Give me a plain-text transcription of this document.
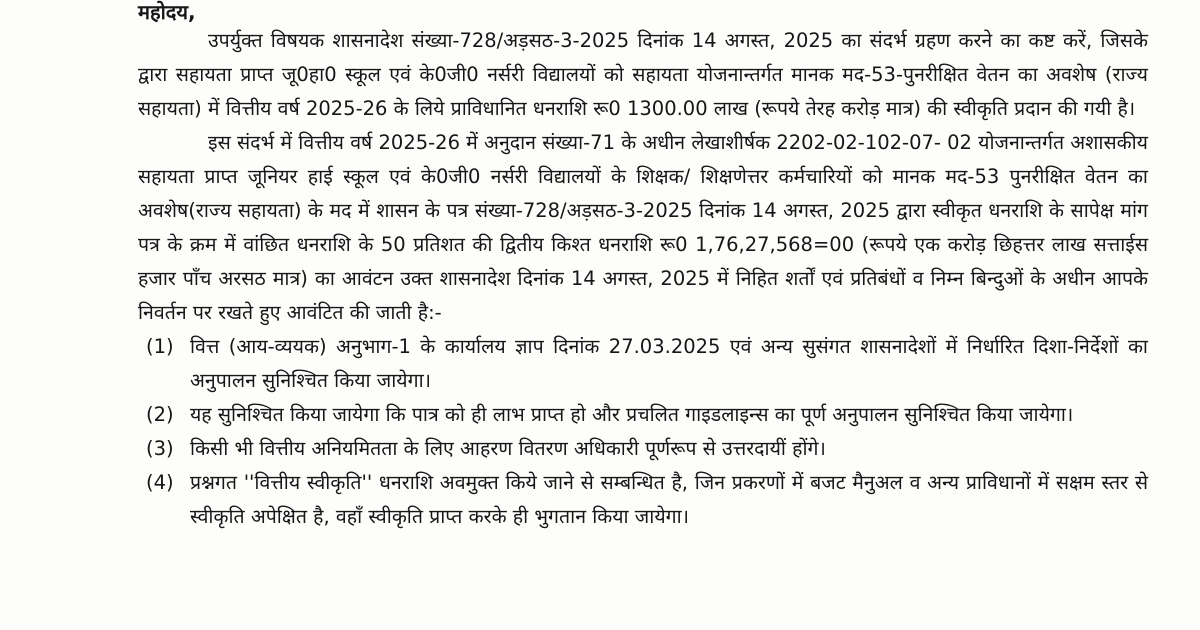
महोदय,

उपर्युक्त विषयक शासनादेश संख्या-728/अड़सठ-3-2025 दिनांक 14 अगस्त, 2025 का संदर्भ ग्रहण करने का कष्ट करें, जिसके द्वारा सहायता प्राप्त जू0हा0 स्कूल एवं के0जी0 नर्सरी विद्यालयों को सहायता योजनान्तर्गत मानक मद-53-पुनरीक्षित वेतन का अवशेष (राज्य सहायता) में वित्तीय वर्ष 2025-26 के लिये प्राविधानित धनराशि रू0 1300.00 लाख (रूपये तेरह करोड़ मात्र) की स्वीकृति प्रदान की गयी है।

इस संदर्भ में वित्तीय वर्ष 2025-26 में अनुदान संख्या-71 के अधीन लेखाशीर्षक 2202-02-102-07- 02 योजनान्तर्गत अशासकीय सहायता प्राप्त जूनियर हाई स्कूल एवं के0जी0 नर्सरी विद्यालयों के शिक्षक/ शिक्षणेत्तर कर्मचारियों को मानक मद-53 पुनरीक्षित वेतन का अवशेष(राज्य सहायता) के मद में शासन के पत्र संख्या-728/अड़सठ-3-2025 दिनांक 14 अगस्त, 2025 द्वारा स्वीकृत धनराशि के सापेक्ष मांग पत्र के क्रम में वांछित धनराशि के 50 प्रतिशत की द्वितीय किश्त धनराशि रू0 1,76,27,568=00 (रूपये एक करोड़ छिहत्तर लाख सत्ताईस हजार पाँच अरसठ मात्र) का आवंटन उक्त शासनादेश दिनांक 14 अगस्त, 2025 में निहित शर्तों एवं प्रतिबंधों व निम्न बिन्दुओं के अधीन आपके निवर्तन पर रखते हुए आवंटित की जाती है:-

(1) वित्त (आय-व्ययक) अनुभाग-1 के कार्यालय ज्ञाप दिनांक 27.03.2025 एवं अन्य सुसंगत शासनादेशों में निर्धारित दिशा-निर्देशों का अनुपालन सुनिश्चित किया जायेगा।
(2) यह सुनिश्चित किया जायेगा कि पात्र को ही लाभ प्राप्त हो और प्रचलित गाइडलाइन्स का पूर्ण अनुपालन सुनिश्चित किया जायेगा।
(3) किसी भी वित्तीय अनियमितता के लिए आहरण वितरण अधिकारी पूर्णरूप से उत्तरदायीं होंगे।
(4) प्रश्नगत ''वित्तीय स्वीकृति'' धनराशि अवमुक्त किये जाने से सम्बन्धित है, जिन प्रकरणों में बजट मैनुअल व अन्य प्राविधानों में सक्षम स्तर से स्वीकृति अपेक्षित है, वहाँ स्वीकृति प्राप्त करके ही भुगतान किया जायेगा।
